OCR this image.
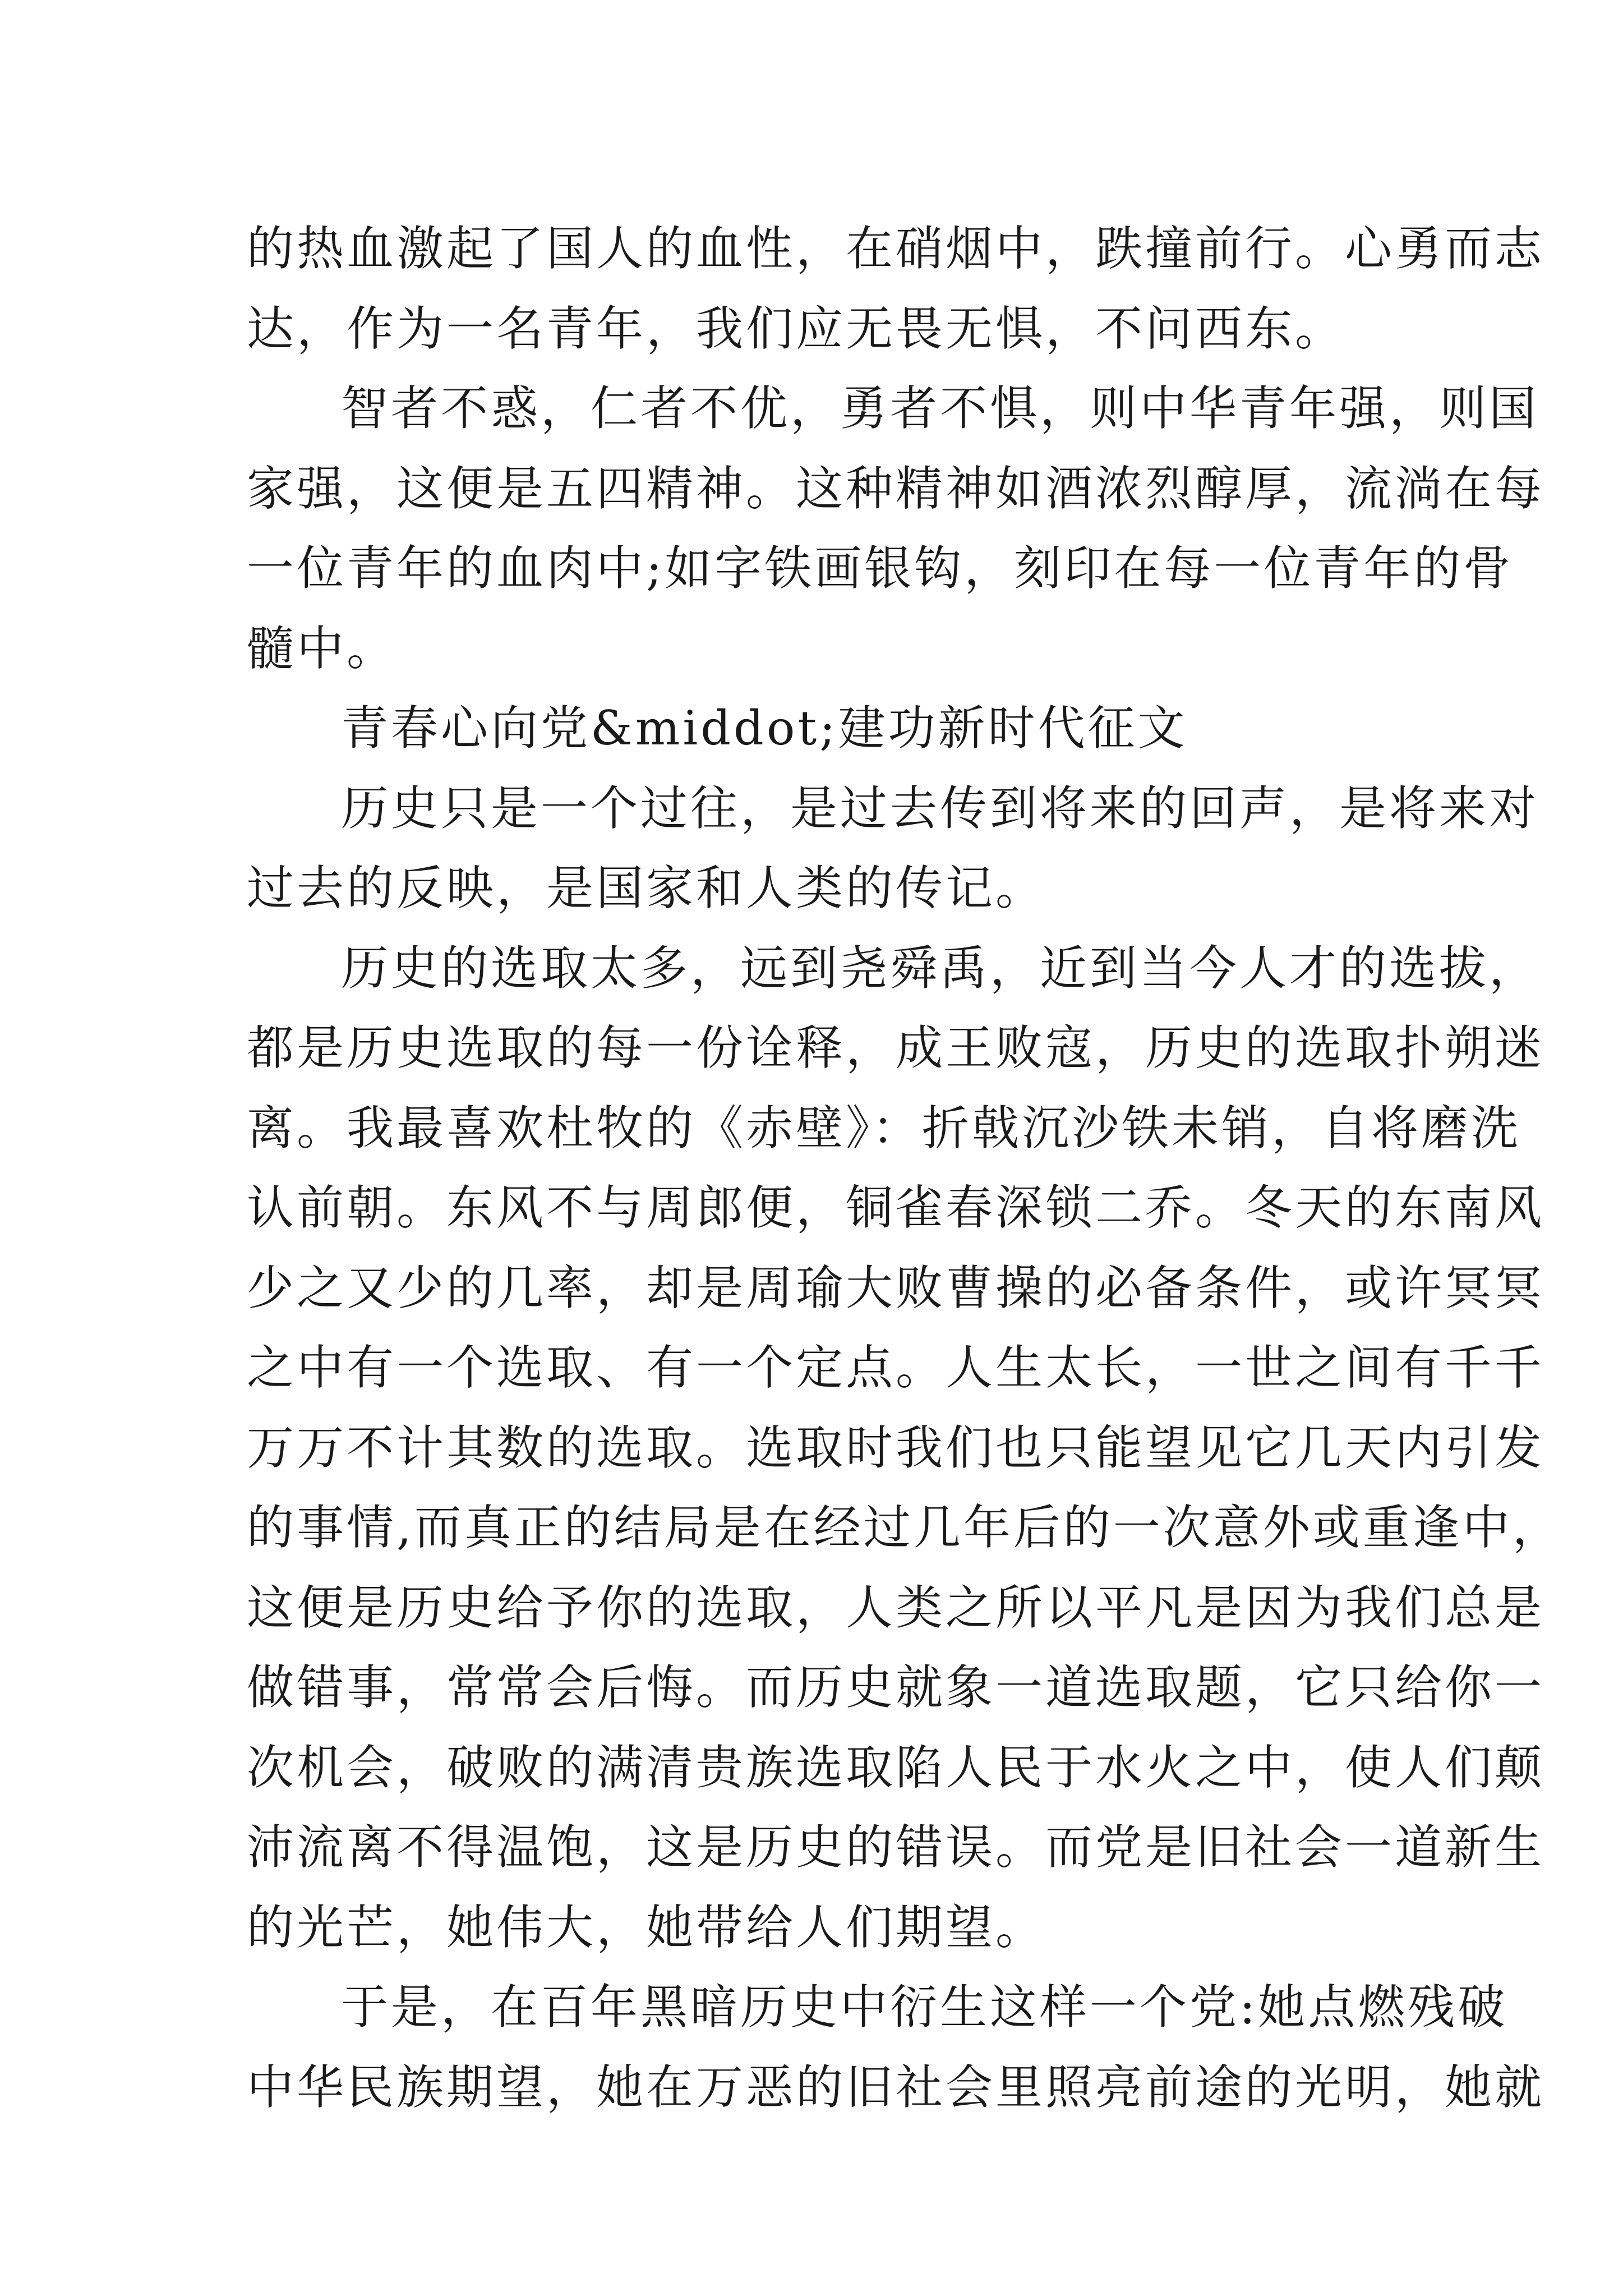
的热血激起了国人的血性，在硝烟中，跌撞前行。心勇而志
达，作为一名青年，我们应无畏无惧，不问西东。
智者不惑，仁者不优，勇者不惧，则中华青年强，则国
家强，这便是五四精神。这种精神如酒浓烈醇厚，流淌在每
一位青年的血肉中;如字铁画银钩，刻印在每一位青年的骨
髓中。
青春心向党&middot;建功新时代征文
历史只是一个过往，是过去传到将来的回声，是将来对
过去的反映，是国家和人类的传记。
历史的选取太多，远到尧舜禹，近到当今人才的选拔，
都是历史选取的每一份诠释，成王败寇，历史的选取扑朔迷
离。我最喜欢杜牧的《赤壁》：折戟沉沙铁未销，自将磨洗
认前朝。东风不与周郎便，铜雀春深锁二乔。冬天的东南风
少之又少的几率，却是周瑜大败曹操的必备条件，或许冥冥
之中有一个选取、有一个定点。人生太长，一世之间有千千
万万不计其数的选取。选取时我们也只能望见它几天内引发
的事情,而真正的结局是在经过几年后的一次意外或重逢中，
这便是历史给予你的选取，人类之所以平凡是因为我们总是
做错事，常常会后悔。而历史就象一道选取题，它只给你一
次机会，破败的满清贵族选取陷人民于水火之中，使人们颠
沛流离不得温饱，这是历史的错误。而党是旧社会一道新生
的光芒，她伟大，她带给人们期望。
于是，在百年黑暗历史中衍生这样一个党:她点燃残破
中华民族期望，她在万恶的旧社会里照亮前途的光明，她就
